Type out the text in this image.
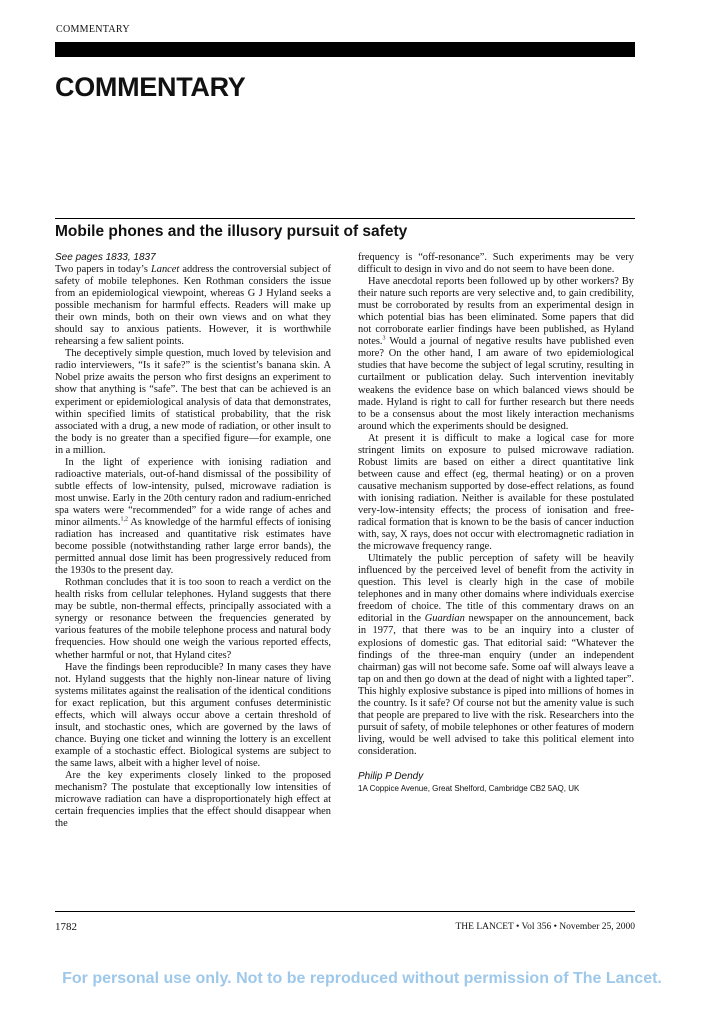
COMMENTARY
COMMENTARY
Mobile phones and the illusory pursuit of safety
See pages 1833, 1837

Two papers in today’s Lancet address the controversial subject of safety of mobile telephones. Ken Rothman considers the issue from an epidemiological viewpoint, whereas G J Hyland seeks a possible mechanism for harmful effects. Readers will make up their own minds, both on their own views and on what they should say to anxious patients. However, it is worthwhile rehearsing a few salient points.

The deceptively simple question, much loved by television and radio interviewers, “Is it safe?” is the scientist’s banana skin. A Nobel prize awaits the person who first designs an experiment to show that anything is “safe”. The best that can be achieved is an experiment or epidemiological analysis of data that demonstrates, within specified limits of statistical probability, that the risk associated with a drug, a new mode of radiation, or other insult to the body is no greater than a specified figure—for example, one in a million.

In the light of experience with ionising radiation and radioactive materials, out-of-hand dismissal of the possibility of subtle effects of low-intensity, pulsed, microwave radiation is most unwise. Early in the 20th century radon and radium-enriched spa waters were “recommended” for a wide range of aches and minor ailments.$^{1,2}$ As knowledge of the harmful effects of ionising radiation has increased and quantitative risk estimates have become possible (notwithstanding rather large error bands), the permitted annual dose limit has been progressively reduced from the 1930s to the present day.

Rothman concludes that it is too soon to reach a verdict on the health risks from cellular telephones. Hyland suggests that there may be subtle, non-thermal effects, principally associated with a synergy or resonance between the frequencies generated by various features of the mobile telephone process and natural body frequencies. How should one weigh the various reported effects, whether harmful or not, that Hyland cites?

Have the findings been reproducible? In many cases they have not. Hyland suggests that the highly non-linear nature of living systems militates against the realisation of the identical conditions for exact replication, but this argument confuses deterministic effects, which will always occur above a certain threshold of insult, and stochastic ones, which are governed by the laws of chance. Buying one ticket and winning the lottery is an excellent example of a stochastic effect. Biological systems are subject to the same laws, albeit with a higher level of noise.

Are the key experiments closely linked to the proposed mechanism? The postulate that exceptionally low intensities of microwave radiation can have a disproportionately high effect at certain frequencies implies that the effect should disappear when the

frequency is “off-resonance”. Such experiments may be very difficult to design in vivo and do not seem to have been done.

Have anecdotal reports been followed up by other workers? By their nature such reports are very selective and, to gain credibility, must be corroborated by results from an experimental design in which potential bias has been eliminated. Some papers that did not corroborate earlier findings have been published, as Hyland notes.$^3$ Would a journal of negative results have published even more? On the other hand, I am aware of two epidemiological studies that have become the subject of legal scrutiny, resulting in curtailment or publication delay. Such intervention inevitably weakens the evidence base on which balanced views should be made. Hyland is right to call for further research but there needs to be a consensus about the most likely interaction mechanisms around which the experiments should be designed.

At present it is difficult to make a logical case for more stringent limits on exposure to pulsed microwave radiation. Robust limits are based on either a direct quantitative link between cause and effect (eg, thermal heating) or on a proven causative mechanism supported by dose-effect relations, as found with ionising radiation. Neither is available for these postulated very-low-intensity effects; the process of ionisation and free-radical formation that is known to be the basis of cancer induction with, say, X rays, does not occur with electromagnetic radiation in the microwave frequency range.

Ultimately the public perception of safety will be heavily influenced by the perceived level of benefit from the activity in question. This level is clearly high in the case of mobile telephones and in many other domains where individuals exercise freedom of choice. The title of this commentary draws on an editorial in the Guardian newspaper on the announcement, back in 1977, that there was to be an inquiry into a cluster of explosions of domestic gas. That editorial said: “Whatever the findings of the three-man enquiry (under an independent chairman) gas will not become safe. Some oaf will always leave a tap on and then go down at the dead of night with a lighted taper”. This highly explosive substance is piped into millions of homes in the country. Is it safe? Of course not but the amenity value is such that people are prepared to live with the risk. Researchers into the pursuit of safety, of mobile telephones or other features of modern living, would be well advised to take this political element into consideration.

Philip P Dendy
1A Coppice Avenue, Great Shelford, Cambridge CB2 5AQ, UK
1782	THE LANCET • Vol 356 • November 25, 2000
For personal use only. Not to be reproduced without permission of The Lancet.
